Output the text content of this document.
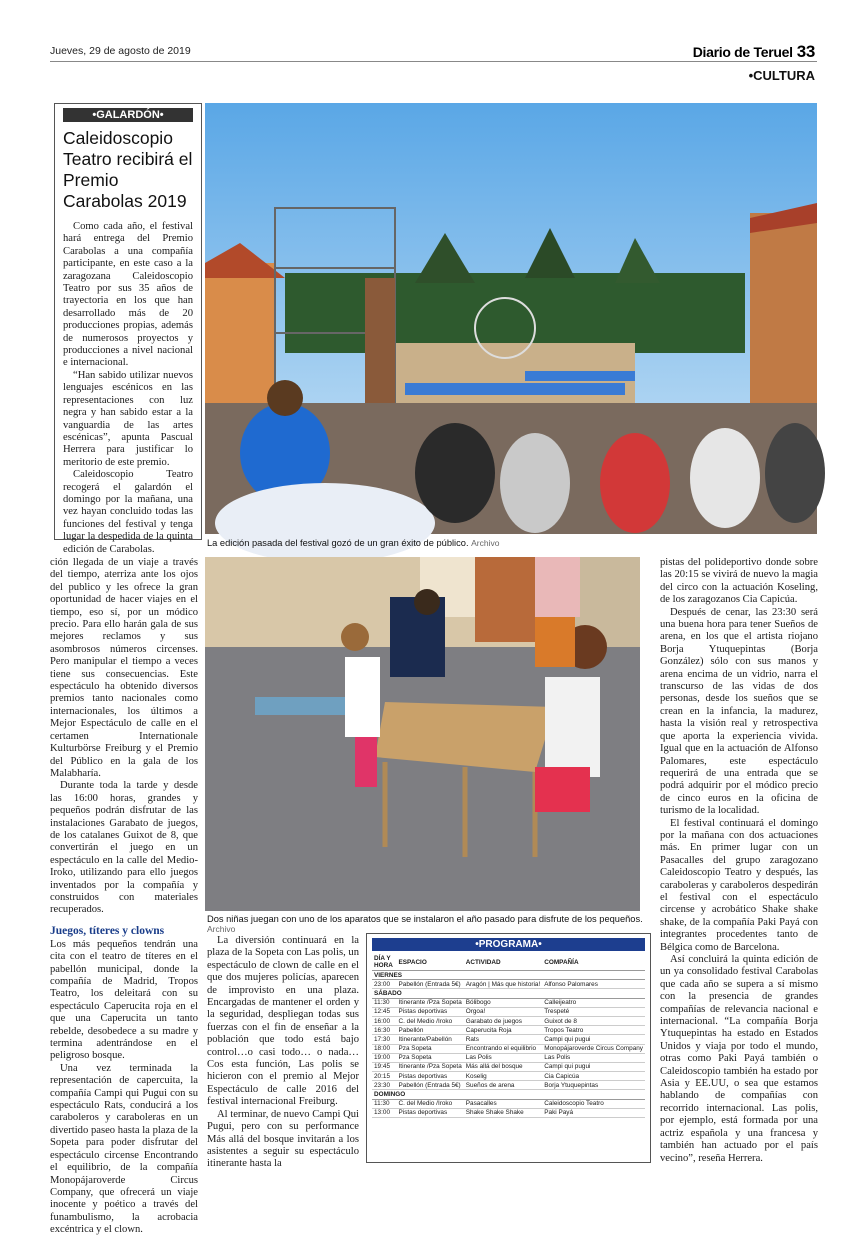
Jueves, 29 de agosto de 2019	Diario de Teruel 33
•CULTURA
•GALARDÓN•
Caleidoscopio Teatro recibirá el Premio Carabolas 2019

Como cada año, el festival hará entrega del Premio Carabolas a una compañía participante, en este caso a la zaragozana Caleidoscopio Teatro por sus 35 años de trayectoria en los que han desarrollado más de 20 producciones propias, además de numerosos proyectos y producciones a nivel nacional e internacional.

“Han sabido utilizar nuevos lenguajes escénicos en las representaciones con luz negra y han sabido estar a la vanguardia de las artes escénicas”, apunta Pascual Herrera para justificar lo meritorio de este premio.

Caleidoscopio Teatro recogerá el galardón el domingo por la mañana, una vez hayan concluido todas las funciones del festival y tenga lugar la despedida de la quinta edición de Carabolas.

La edición pasada del festival gozó de un gran éxito de público. Archivo
Dos niñas juegan con uno de los aparatos que se instalaron el año pasado para disfrute de los pequeños. Archivo

ción llegada de un viaje a través del tiempo, aterriza ante los ojos del publico y les ofrece la gran oportunidad de hacer viajes en el tiempo, eso sí, por un módico precio. Para ello harán gala de sus mejores reclamos y sus asombrosos números circenses. Pero manipular el tiempo a veces tiene sus consecuencias. Este espectáculo ha obtenido diversos premios tanto nacionales como internacionales, los últimos a Mejor Espectáculo de calle en el certamen Internationale Kulturbörse Freiburg y el Premio del Público en la gala de los Malabharía.

Durante toda la tarde y desde las 16:00 horas, grandes y pequeños podrán disfrutar de las instalaciones Garabato de juegos, de los catalanes Guixot de 8, que convertirán el juego en un espectáculo en la calle del Medio-Iroko, utilizando para ello juegos inventados por la compañía y construidos con materiales recuperados.

Juegos, títeres y clowns

Los más pequeños tendrán una cita con el teatro de títeres en el pabellón municipal, donde la compañía de Madrid, Tropos Teatro, los deleitará con su espectáculo Caperucita roja en el que una Caperucita un tanto rebelde, desobedece a su madre y termina adentrándose en el peligroso bosque.

Una vez terminada la representación de capercuita, la compañía Campi qui Pugui con su espectáculo Rats, conducirá a los caraboleros y caraboleras en un divertido paseo hasta la plaza de la Sopeta para poder disfrutar del espectáculo circense Encontrando el equilibrio, de la compañía Monopájaroverde Circus Company, que ofrecerá un viaje inocente y poético a través del funambulismo, la acrobacia excéntrica y el clown.

La diversión continuará en la plaza de la Sopeta con Las polis, un espectáculo de clown de calle en el que dos mujeres policías, aparecen de improvisto en una plaza. Encargadas de mantener el orden y la seguridad, despliegan todas sus fuerzas con el fin de enseñar a la población que todo está bajo control…o casi todo… o nada… Cos esta función, Las polis se hicieron con el premio al Mejor Espectáculo de calle 2016 del festival internacional Freiburg.

Al terminar, de nuevo Campi Qui Pugui, pero con su performance Más allá del bosque invitarán a los asistentes a seguir su espectáculo itinerante hasta la

•PROGRAMA•
DÍA Y HORA	ESPACIO	ACTIVIDAD	COMPAÑÍA
VIERNES			
23:00	Pabellón (Entrada 5€)	Aragón | Más que historia!	Alfonso Palomares
SÁBADO			
11:30	Itinerante /Pza Sopeta	Bólibogo	Calleijeatro
12:45	Pistas deportivas	Orgoa!	Trespeté
16:00	C. del Medio /Iroko	Garabato de juegos	Guixot de 8
16:30	Pabellón	Caperucita Roja	Tropos Teatro
17:30	Itinerante/Pabellón	Rats	Campi qui pugui
18:00	Pza Sopeta	Encontrando el equilibrio	Monopájaroverde Circus Company
19:00	Pza Sopeta	Las Polis	Las Polis
19:45	Itinerante /Pza Sopeta	Más allá del bosque	Campi qui pugui
20:15	Pistas deportivas	Koselig	Cia Capicúa
23:30	Pabellón (Entrada 5€)	Sueños de arena	Borja Ytuquepintas
DOMINGO			
11:30	C. del Medio /Iroko	Pasacalles	Caleidoscopio Teatro
13:00	Pistas deportivas	Shake Shake Shake	Paki Payá

pistas del polideportivo donde sobre las 20:15 se vivirá de nuevo la magia del circo con la actuación Koseling, de los zaragozanos Cia Capicúa.

Después de cenar, las 23:30 será una buena hora para tener Sueños de arena, en los que el artista riojano Borja Ytuquepintas (Borja González) sólo con sus manos y arena encima de un vidrio, narra el transcurso de las vidas de dos personas, desde los sueños que se crean en la infancia, la madurez, hasta la visión real y retrospectiva que aporta la experiencia vivida. Igual que en la actuación de Alfonso Palomares, este espectáculo requerirá de una entrada que se podrá adquirir por el módico precio de cinco euros en la oficina de turismo de la localidad.

El festival continuará el domingo por la mañana con dos actuaciones más. En primer lugar con un Pasacalles del grupo zaragozano Caleidoscopio Teatro y después, las caraboleras y caraboleros despedirán el festival con el espectáculo circense y acrobático Shake shake shake, de la compañía Paki Payá con integrantes procedentes tanto de Bélgica como de Barcelona.

Así concluirá la quinta edición de un ya consolidado festival Carabolas que cada año se supera a sí mismo con la presencia de grandes compañías de relevancia nacional e internacional. “La compañía Borja Ytuquepintas ha estado en Estados Unidos y viaja por todo el mundo, otras como Paki Payá también o Caleidoscopio también ha estado por Asia y EE.UU, o sea que estamos hablando de compañías con recorrido internacional. Las polis, por ejemplo, está formada por una actriz española y una francesa y también han actuado por el país vecino”, reseña Herrera.
